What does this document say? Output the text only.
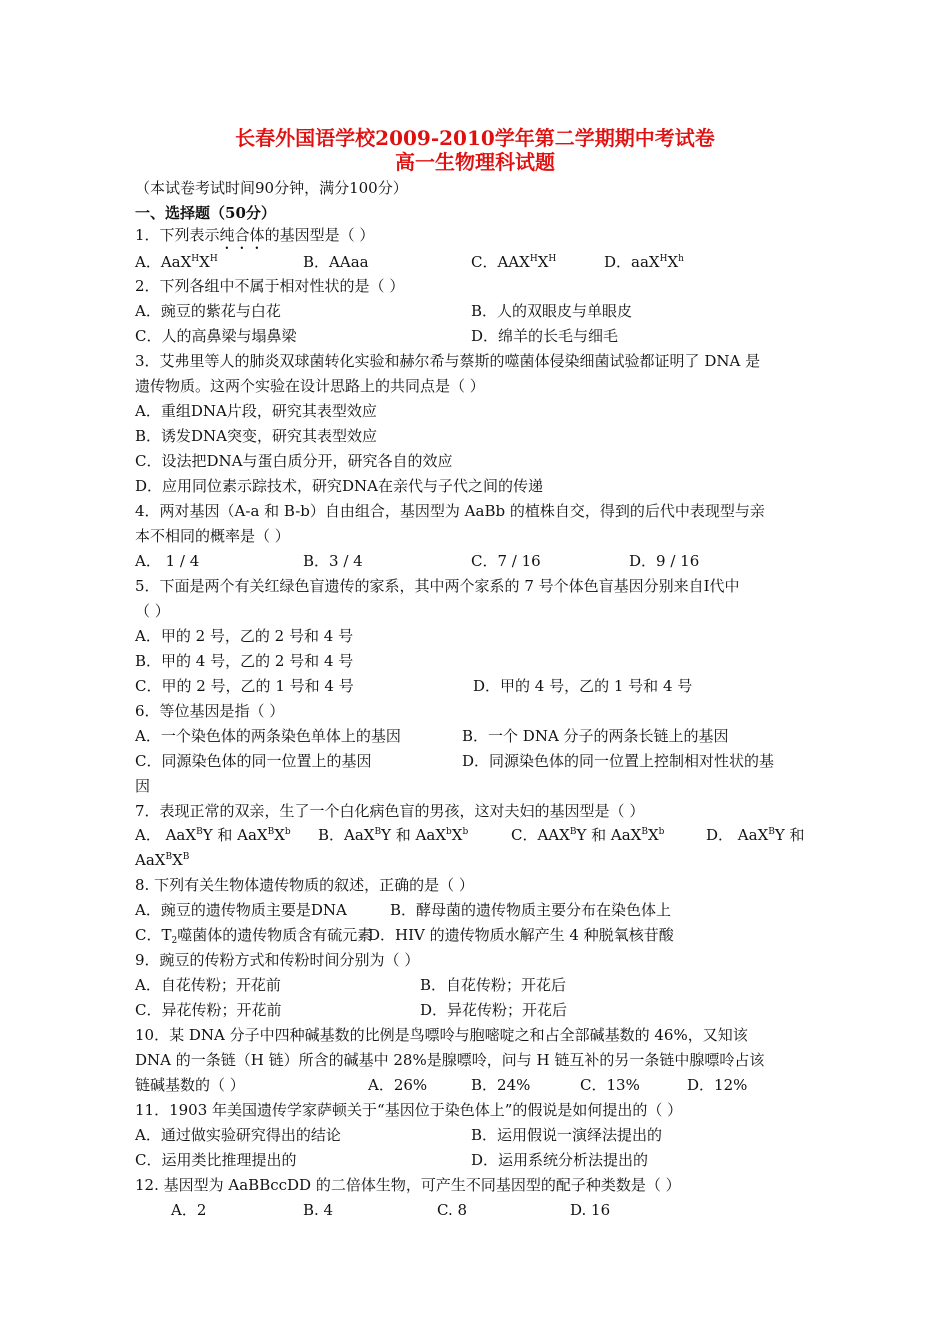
长春外国语学校2009-2010学年第二学期期中考试卷
高一生物理科试题
（本试卷考试时间90分钟，满分100分）
一、选择题（50分）
1．下列表示纯合体的基因型是（ ）
A．$AaX^HX^H$	B．AAaa	C．$AAX^HX^H$	D．$aaX^HX^h$
2．下列各组中不属于相对性状的是（ ）
A．豌豆的紫花与白花	B．人的双眼皮与单眼皮
C．人的高鼻梁与塌鼻梁	D．绵羊的长毛与细毛
3．艾弗里等人的肺炎双球菌转化实验和赫尔希与蔡斯的噬菌体侵染细菌试验都证明了 DNA 是
遗传物质。这两个实验在设计思路上的共同点是（ ）
A．重组DNA片段，研究其表型效应
B．诱发DNA突变，研究其表型效应
C．设法把DNA与蛋白质分开，研究各自的效应
D．应用同位素示踪技术，研究DNA在亲代与子代之间的传递
4．两对基因（A-a 和 B-b）自由组合，基因型为 AaBb 的植株自交，得到的后代中表现型与亲
本不相同的概率是（ ）
A． 1 / 4	B．3 / 4	C．7 / 16	D．9 / 16
5．下面是两个有关红绿色盲遗传的家系，其中两个家系的 7 号个体色盲基因分别来自Ⅰ代中
（ ）
A．甲的 2 号，乙的 2 号和 4 号
B．甲的 4 号，乙的 2 号和 4 号
C．甲的 2 号，乙的 1 号和 4 号	D．甲的 4 号，乙的 1 号和 4 号
6．等位基因是指（ ）
A．一个染色体的两条染色单体上的基因	B．一个 DNA 分子的两条长链上的基因
C．同源染色体的同一位置上的基因	D．同源染色体的同一位置上控制相对性状的基
因
7．表现正常的双亲，生了一个白化病色盲的男孩，这对夫妇的基因型是（ ）
A． AaX$^B$Y 和 $AaX^BX^b$ B．AaX$^B$Y 和 $AaX^bX^b$	C．$AAX^BY$ 和 $AaX^BX^b$	D． AaX$^B$Y 和
$AaX^BX^B$
8. 下列有关生物体遗传物质的叙述，正确的是（ ）
A．豌豆的遗传物质主要是DNA	B．酵母菌的遗传物质主要分布在染色体上
C．$T_2$噬菌体的遗传物质含有硫元素
D．HIV 的遗传物质水解产生 4 种脱氧核苷酸
9．豌豆的传粉方式和传粉时间分别为（ ）
A．自花传粉；开花前	B．自花传粉；开花后
C．异花传粉；开花前	D．异花传粉；开花后
10．某 DNA 分子中四种碱基数的比例是鸟嘌呤与胞嘧啶之和占全部碱基数的 46%，又知该
DNA 的一条链（H 链）所含的碱基中 28%是腺嘌呤，问与 H 链互补的另一条链中腺嘌呤占该
链碱基数的（ ）	A．26%	B．24%	C．13%	D．12%
11．1903 年美国遗传学家萨顿关于“基因位于染色体上”的假说是如何提出的（ ）
A．通过做实验研究得出的结论	B．运用假说一演绎法提出的
C．运用类比推理提出的	D．运用系统分析法提出的
12. 基因型为 AaBBccDD 的二倍体生物，可产生不同基因型的配子种类数是（ ）
A．2	B. 4	C. 8	D. 16
